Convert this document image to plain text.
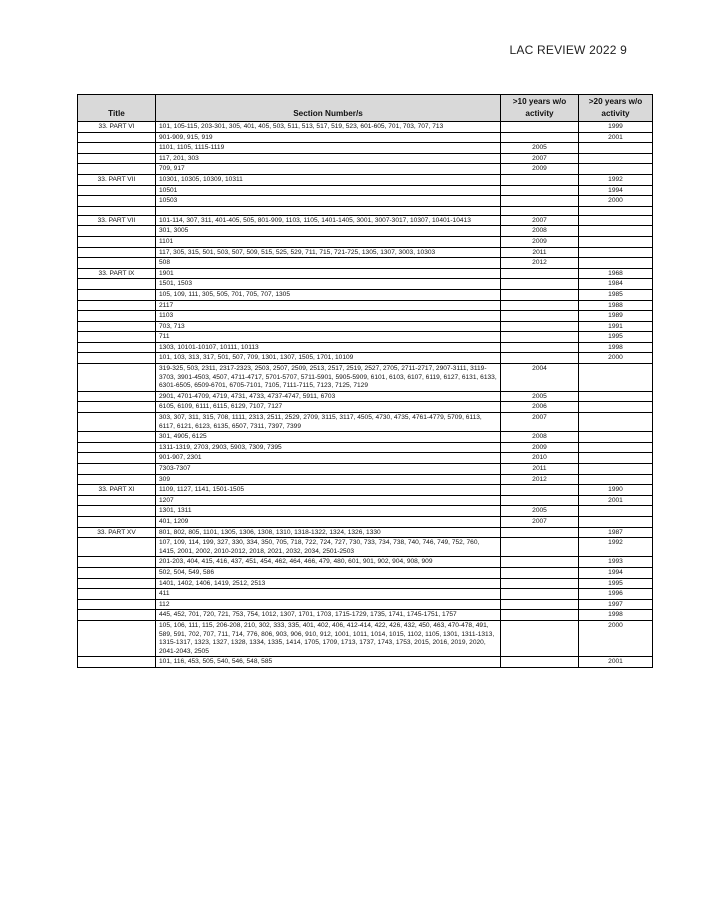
LAC REVIEW 2022 9
Title	Section Number/s	>10 years w/o activity	>20 years w/o activity
33. PART VI	101, 105-115, 203-301, 305, 401, 405, 503, 511, 513, 517, 519, 523, 601-605, 701, 703, 707, 713		1999
	901-909, 915, 919		2001
	1101, 1105, 1115-1119	2005	
	117, 201, 303	2007	
	709, 917	2009	
33. PART VII	10301, 10305, 10309, 10311		1992
	10501		1994
	10503		2000

33. PART VII	101-114, 307, 311, 401-405, 505, 801-909, 1103, 1105, 1401-1405, 3001, 3007-3017, 10307, 10401-10413	2007	
	301, 3005	2008	
	1101	2009	
	117, 305, 315, 501, 503, 507, 509, 515, 525, 529, 711, 715, 721-725, 1305, 1307, 3003, 10303	2011	
	508	2012	
33. PART IX	1901		1968
	1501, 1503		1984
	105, 109, 111, 305, 505, 701, 705, 707, 1305		1985
	2117		1988
	1103		1989
	703, 713		1991
	711		1995
	1303, 10101-10107, 10111, 10113		1998
	101, 103, 313, 317, 501, 507, 709, 1301, 1307, 1505, 1701, 10109		2000
	319-325, 503, 2311, 2317-2323, 2503, 2507, 2509, 2513, 2517, 2519, 2527, 2705, 2711-2717, 2907-3111, 3119-3703, 3901-4503, 4507, 4711-4717, 5701-5707, 5711-5901, 5905-5909, 6101, 6103, 6107, 6119, 6127, 6131, 6133, 6301-6505, 6509-6701, 6705-7101, 7105, 7111-7115, 7123, 7125, 7129	2004	
	2901, 4701-4709, 4719, 4731, 4733, 4737-4747, 5911, 6703	2005	
	6105, 6109, 6111, 6115, 6129, 7107, 7127	2006	
	303, 307, 311, 315, 708, 1111, 2313, 2511, 2529, 2709, 3115, 3117, 4505, 4730, 4735, 4761-4779, 5709, 6113, 6117, 6121, 6123, 6135, 6507, 7311, 7397, 7399	2007	
	301, 4905, 6125	2008	
	1311-1319, 2703, 2903, 5903, 7309, 7395	2009	
	901-907, 2301	2010	
	7303-7307	2011	
	309	2012	
33. PART XI	1109, 1127, 1141, 1501-1505		1990
	1207		2001
	1301, 1311	2005	
	401, 1209	2007	
33. PART XV	801, 802, 805, 1101, 1305, 1306, 1308, 1310, 1318-1322, 1324, 1326, 1330		1987
	107, 109, 114, 199, 327, 330, 334, 350, 705, 718, 722, 724, 727, 730, 733, 734, 738, 740, 746, 749, 752, 760, 1415, 2001, 2002, 2010-2012, 2018, 2021, 2032, 2034, 2501-2503		1992
	201-203, 404, 415, 416, 437, 451, 454, 462, 464, 466, 479, 480, 601, 901, 902, 904, 908, 909		1993
	502, 504, 549, 586		1994
	1401, 1402, 1406, 1419, 2512, 2513		1995
	411		1996
	112		1997
	445, 452, 701, 720, 721, 753, 754, 1012, 1307, 1701, 1703, 1715-1729, 1735, 1741, 1745-1751, 1757		1998
	105, 106, 111, 115, 206-208, 210, 302, 333, 335, 401, 402, 406, 412-414, 422, 426, 432, 450, 463, 470-478, 491, 589, 591, 702, 707, 711, 714, 776, 806, 903, 906, 910, 912, 1001, 1011, 1014, 1015, 1102, 1105, 1301, 1311-1313, 1315-1317, 1323, 1327, 1328, 1334, 1335, 1414, 1705, 1709, 1713, 1737, 1743, 1753, 2015, 2016, 2019, 2020, 2041-2043, 2505		2000
	101, 116, 453, 505, 540, 546, 548, 585		2001
